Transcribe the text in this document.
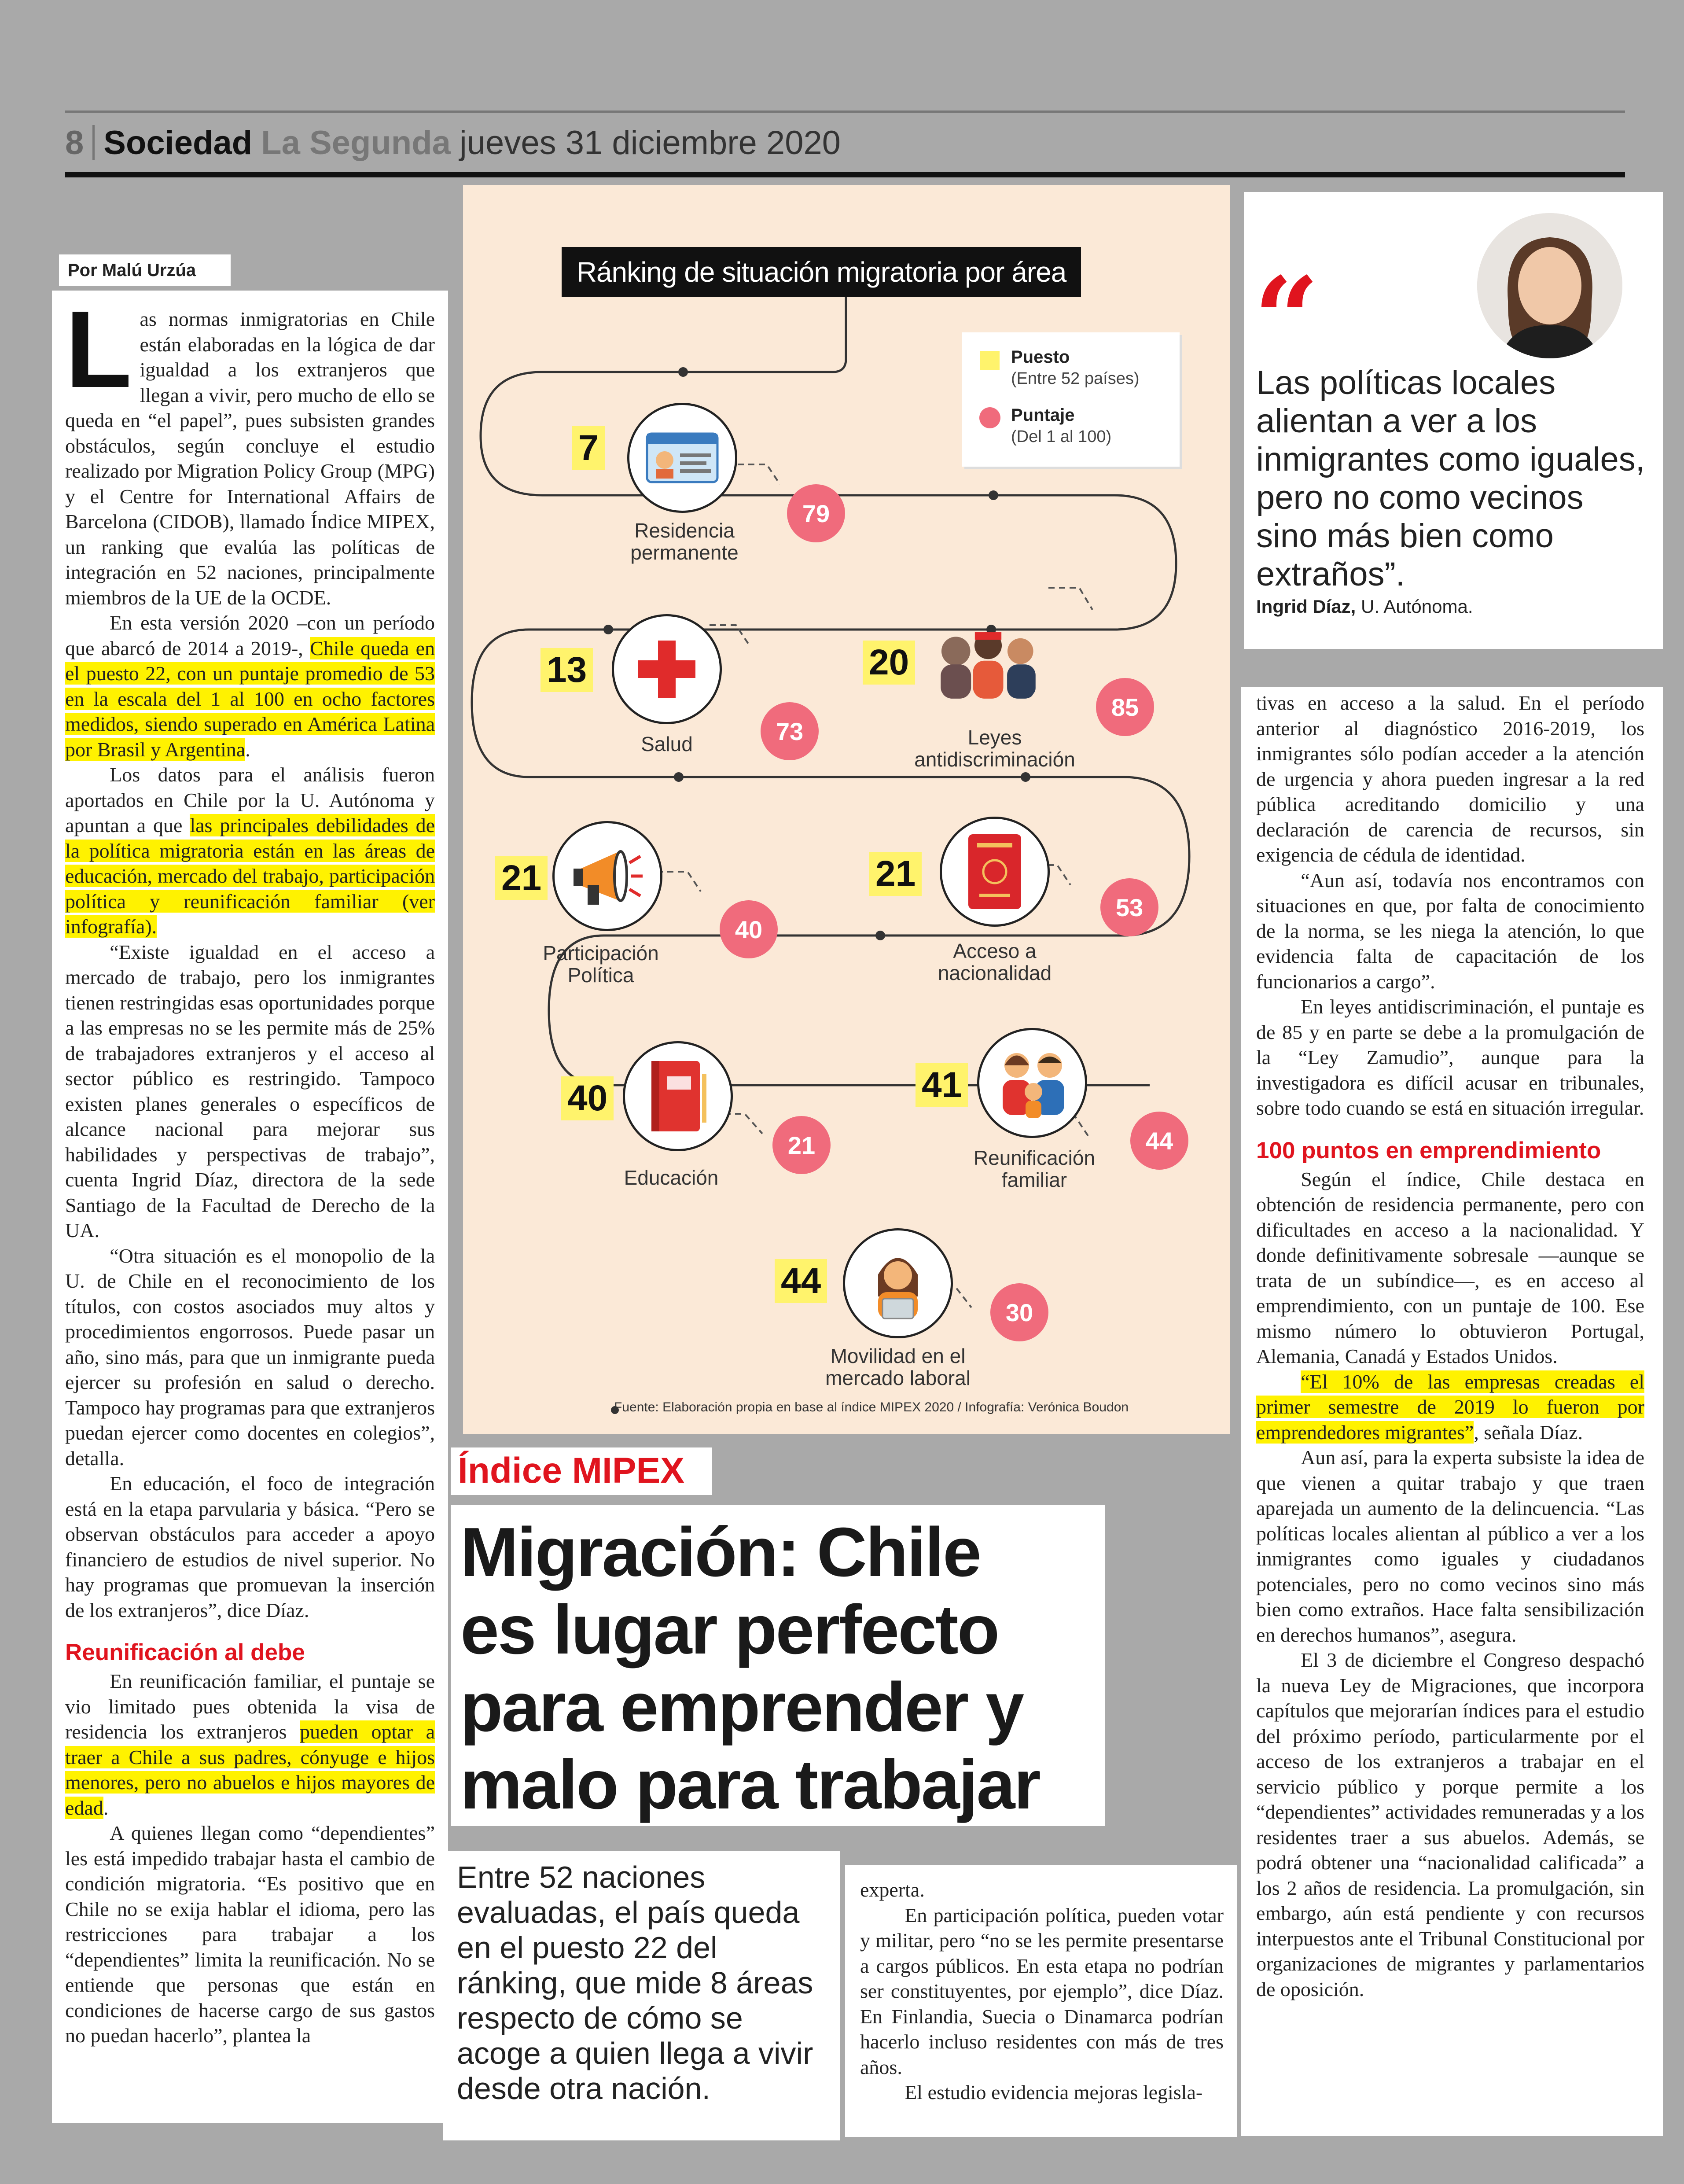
8 Sociedad La Segunda jueves 31 diciembre 2020
Por Malú Urzúa
L as normas inmigratorias en Chile están elaboradas en la lógica de dar igualdad a los extranjeros que llegan a vivir, pero mucho de ello se queda en “el papel”, pues subsisten grandes obstáculos, según concluye el estudio realizado por Migration Policy Group (MPG) y el Centre for International Affairs de Barcelona (CIDOB), llamado Índice MIPEX, un ranking que evalúa las políticas de integración en 52 naciones, principalmente miembros de la UE de la OCDE.

En esta versión 2020 –con un período que abarcó de 2014 a 2019-, Chile queda en el puesto 22, con un puntaje promedio de 53 en la escala del 1 al 100 en ocho factores medidos, siendo superado en América Latina por Brasil y Argentina.

Los datos para el análisis fueron aportados en Chile por la U. Autónoma y apuntan a que las principales debilidades de la política migratoria están en las áreas de educación, mercado del trabajo, participación política y reunificación familiar (ver infografía).

“Existe igualdad en el acceso a mercado de trabajo, pero los inmigrantes tienen restringidas esas oportunidades porque a las empresas no se les permite más de 25% de trabajadores extranjeros y el acceso al sector público es restringido. Tampoco existen planes generales o específicos de alcance nacional para mejorar sus habilidades y perspectivas de trabajo”, cuenta Ingrid Díaz, directora de la sede Santiago de la Facultad de Derecho de la UA.

“Otra situación es el monopolio de la U. de Chile en el reconocimiento de los títulos, con costos asociados muy altos y procedimientos engorrosos. Puede pasar un año, sino más, para que un inmigrante pueda ejercer su profesión en salud o derecho. Tampoco hay programas para que extranjeros puedan ejercer como docentes en colegios”, detalla.

En educación, el foco de integración está en la etapa parvularia y básica. “Pero se observan obstáculos para acceder a apoyo financiero de estudios de nivel superior. No hay programas que promuevan la inserción de los extranjeros”, dice Díaz.

Reunificación al debe

En reunificación familiar, el puntaje se vio limitado pues obtenida la visa de residencia los extranjeros pueden optar a traer a Chile a sus padres, cónyuge e hijos menores, pero no abuelos e hijos mayores de edad.

A quienes llegan como “dependientes” les está impedido trabajar hasta el cambio de condición migratoria. “Es positivo que en Chile no se exija hablar el idioma, pero las restricciones para trabajar a los “dependientes” limita la reunificación. No se entiende que personas que están en condiciones de hacerse cargo de sus gastos no puedan hacerlo”, plantea la

Ránking de situación migratoria por área
Puesto
(Entre 52 países)
Puntaje
(Del 1 al 100)
7
79
Residencia
permanente
13
73
Salud
20
85
Leyes
antidiscriminación
21
40
Participación
Política
21
53
Acceso a
nacionalidad
40
21
Educación
41
44
Reunificación
familiar
44
30
Movilidad en el
mercado laboral
Fuente: Elaboración propia en base al índice MIPEX 2020 / Infografía: Verónica Boudon
“
Las políticas locales alientan a ver a los inmigrantes como iguales, pero no como vecinos sino más bien como extraños”.
Ingrid Díaz, U. Autónoma.

tivas en acceso a la salud. En el período anterior al diagnóstico 2016-2019, los inmigrantes sólo podían acceder a la atención de urgencia y ahora pueden ingresar a la red pública acreditando domicilio y una declaración de carencia de recursos, sin exigencia de cédula de identidad.

“Aun así, todavía nos encontramos con situaciones en que, por falta de conocimiento de la norma, se les niega la atención, lo que evidencia falta de capacitación de los funcionarios a cargo”.

En leyes antidiscriminación, el puntaje es de 85 y en parte se debe a la promulgación de la “Ley Zamudio”, aunque para la investigadora es difícil acusar en tribunales, sobre todo cuando se está en situación irregular.

100 puntos en emprendimiento

Según el índice, Chile destaca en obtención de residencia permanente, pero con dificultades en acceso a la nacionalidad. Y donde definitivamente sobresale —aunque se trata de un subíndice—, es en acceso al emprendimiento, con un puntaje de 100. Ese mismo número lo obtuvieron Portugal, Alemania, Canadá y Estados Unidos.

“El 10% de las empresas creadas el primer semestre de 2019 lo fueron por emprendedores migrantes”, señala Díaz.

Aun así, para la experta subsiste la idea de que vienen a quitar trabajo y que traen aparejada un aumento de la delincuencia. “Las políticas locales alientan al público a ver a los inmigrantes como iguales y ciudadanos potenciales, pero no como vecinos sino más bien como extraños. Hace falta sensibilización en derechos humanos”, asegura.

El 3 de diciembre el Congreso despachó la nueva Ley de Migraciones, que incorpora capítulos que mejorarían índices para el estudio del próximo período, particularmente por el acceso de los extranjeros a trabajar en el servicio público y porque permite a los “dependientes” actividades remuneradas y a los residentes traer a sus abuelos. Además, se podrá obtener una “nacionalidad calificada” a los 2 años de residencia. La promulgación, sin embargo, aún está pendiente y con recursos interpuestos ante el Tribunal Constitucional por organizaciones de migrantes y parlamentarios de oposición.

Índice MIPEX
Migración: Chile
es lugar perfecto
para emprender y
malo para trabajar
Entre 52 naciones evaluadas, el país queda en el puesto 22 del ránking, que mide 8 áreas respecto de cómo se acoge a quien llega a vivir desde otra nación.

experta.

En participación política, pueden votar y militar, pero “no se les permite presentarse a cargos públicos. En esta etapa no podrían ser constituyentes, por ejemplo”, dice Díaz. En Finlandia, Suecia o Dinamarca podrían hacerlo incluso residentes con más de tres años.

El estudio evidencia mejoras legisla-
